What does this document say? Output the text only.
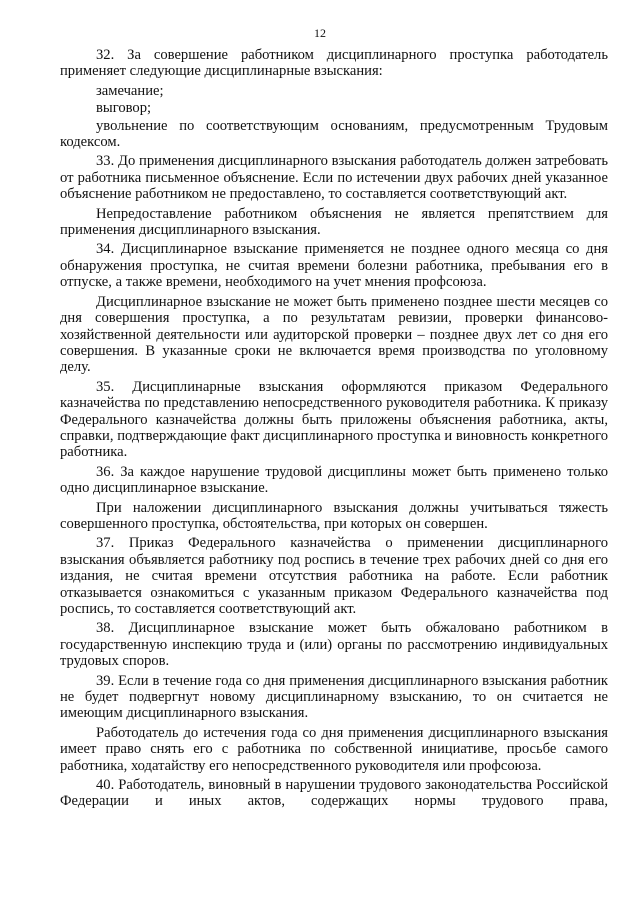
12

32. За совершение работником дисциплинарного проступка работодатель применяет следующие дисциплинарные взыскания:

замечание;

выговор;

увольнение по соответствующим основаниям, предусмотренным Трудовым кодексом.

33. До применения дисциплинарного взыскания работодатель должен затребовать от работника письменное объяснение. Если по истечении двух рабочих дней указанное объяснение работником не предоставлено, то составляется соответствующий акт.

Непредоставление работником объяснения не является препятствием для применения дисциплинарного взыскания.

34. Дисциплинарное взыскание применяется не позднее одного месяца со дня обнаружения проступка, не считая времени болезни работника, пребывания его в отпуске, а также времени, необходимого на учет мнения профсоюза.

Дисциплинарное взыскание не может быть применено позднее шести месяцев со дня совершения проступка, а по результатам ревизии, проверки финансово-хозяйственной деятельности или аудиторской проверки – позднее двух лет со дня его совершения. В указанные сроки не включается время производства по уголовному делу.

35. Дисциплинарные взыскания оформляются приказом Федерального казначейства по представлению непосредственного руководителя работника. К приказу Федерального казначейства должны быть приложены объяснения работника, акты, справки, подтверждающие факт дисциплинарного проступка и виновность конкретного работника.

36. За каждое нарушение трудовой дисциплины может быть применено только одно дисциплинарное взыскание.

При наложении дисциплинарного взыскания должны учитываться тяжесть совершенного проступка, обстоятельства, при которых он совершен.

37. Приказ Федерального казначейства о применении дисциплинарного взыскания объявляется работнику под роспись в течение трех рабочих дней со дня его издания, не считая времени отсутствия работника на работе. Если работник отказывается ознакомиться с указанным приказом Федерального казначейства под роспись, то составляется соответствующий акт.

38. Дисциплинарное взыскание может быть обжаловано работником в государственную инспекцию труда и (или) органы по рассмотрению индивидуальных трудовых споров.

39. Если в течение года со дня применения дисциплинарного взыскания работник не будет подвергнут новому дисциплинарному взысканию, то он считается не имеющим дисциплинарного взыскания.

Работодатель до истечения года со дня применения дисциплинарного взыскания имеет право снять его с работника по собственной инициативе, просьбе самого работника, ходатайству его непосредственного руководителя или профсоюза.

40. Работодатель, виновный в нарушении трудового законодательства Российской Федерации и иных актов, содержащих нормы трудового права,
